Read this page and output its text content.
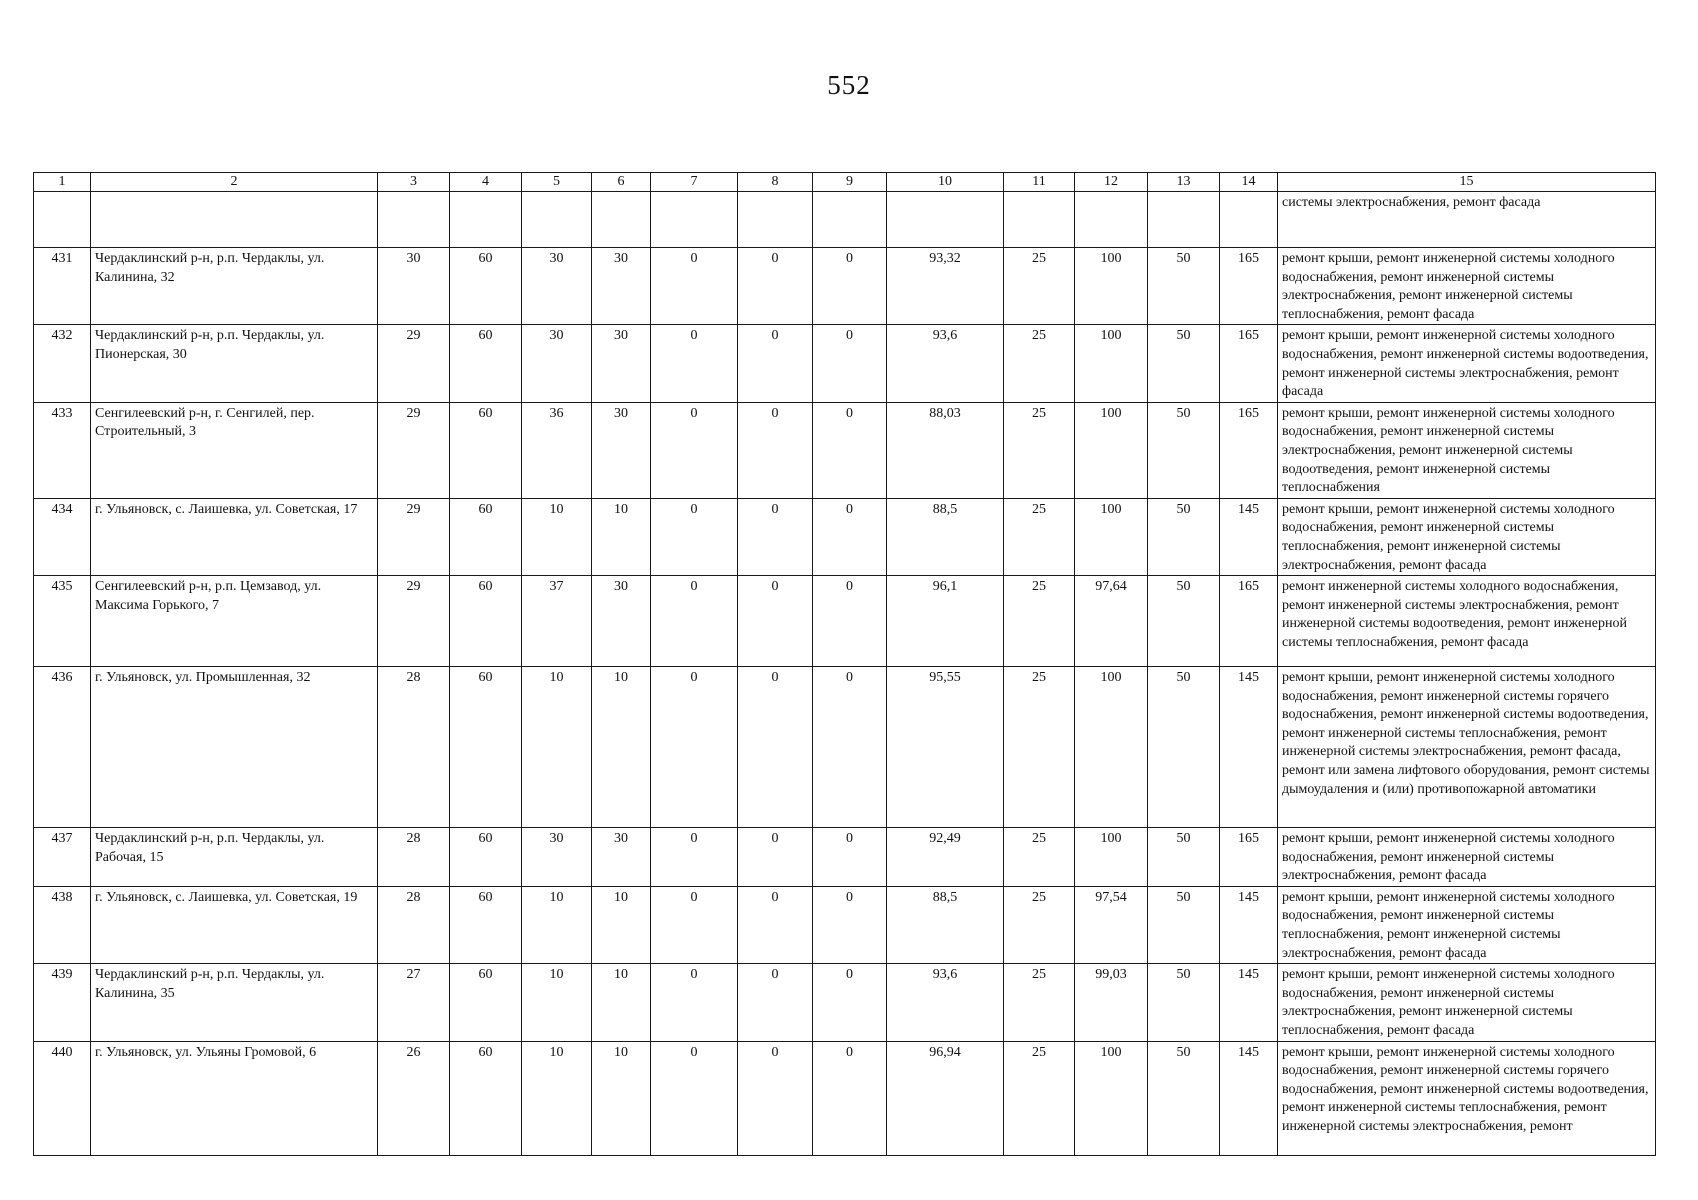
552
1	2	3	4	5	6	7	8	9	10	11	12	13	14	15
														системы электроснабжения, ремонт фасада
431	Чердаклинский р-н, р.п. Чердаклы, ул. Калинина, 32	30	60	30	30	0	0	0	93,32	25	100	50	165	ремонт крыши, ремонт инженерной системы холодного водоснабжения, ремонт инженерной системы электроснабжения, ремонт инженерной системы теплоснабжения, ремонт фасада
432	Чердаклинский р-н, р.п. Чердаклы, ул. Пионерская, 30	29	60	30	30	0	0	0	93,6	25	100	50	165	ремонт крыши, ремонт инженерной системы холодного водоснабжения, ремонт инженерной системы водоотведения, ремонт инженерной системы электроснабжения, ремонт фасада
433	Сенгилеевский р-н, г. Сенгилей, пер. Строительный, 3	29	60	36	30	0	0	0	88,03	25	100	50	165	ремонт крыши, ремонт инженерной системы холодного водоснабжения, ремонт инженерной системы электроснабжения, ремонт инженерной системы водоотведения, ремонт инженерной системы теплоснабжения
434	г. Ульяновск, с. Лаишевка, ул. Советская, 17	29	60	10	10	0	0	0	88,5	25	100	50	145	ремонт крыши, ремонт инженерной системы холодного водоснабжения, ремонт инженерной системы теплоснабжения, ремонт инженерной системы электроснабжения, ремонт фасада
435	Сенгилеевский р-н, р.п. Цемзавод, ул. Максима Горького, 7	29	60	37	30	0	0	0	96,1	25	97,64	50	165	ремонт инженерной системы холодного водоснабжения, ремонт инженерной системы электроснабжения, ремонт инженерной системы водоотведения, ремонт инженерной системы теплоснабжения, ремонт фасада
436	г. Ульяновск, ул. Промышленная, 32	28	60	10	10	0	0	0	95,55	25	100	50	145	ремонт крыши, ремонт инженерной системы холодного водоснабжения, ремонт инженерной системы горячего водоснабжения, ремонт инженерной системы водоотведения, ремонт инженерной системы теплоснабжения, ремонт инженерной системы электроснабжения, ремонт фасада, ремонт или замена лифтового оборудования, ремонт системы дымоудаления и (или) противопожарной автоматики
437	Чердаклинский р-н, р.п. Чердаклы, ул. Рабочая, 15	28	60	30	30	0	0	0	92,49	25	100	50	165	ремонт крыши, ремонт инженерной системы холодного водоснабжения, ремонт инженерной системы электроснабжения, ремонт фасада
438	г. Ульяновск, с. Лаишевка, ул. Советская, 19	28	60	10	10	0	0	0	88,5	25	97,54	50	145	ремонт крыши, ремонт инженерной системы холодного водоснабжения, ремонт инженерной системы теплоснабжения, ремонт инженерной системы электроснабжения, ремонт фасада
439	Чердаклинский р-н, р.п. Чердаклы, ул. Калинина, 35	27	60	10	10	0	0	0	93,6	25	99,03	50	145	ремонт крыши, ремонт инженерной системы холодного водоснабжения, ремонт инженерной системы электроснабжения, ремонт инженерной системы теплоснабжения, ремонт фасада
440	г. Ульяновск, ул. Ульяны Громовой, 6	26	60	10	10	0	0	0	96,94	25	100	50	145	ремонт крыши, ремонт инженерной системы холодного водоснабжения, ремонт инженерной системы горячего водоснабжения, ремонт инженерной системы водоотведения, ремонт инженерной системы теплоснабжения, ремонт инженерной системы электроснабжения, ремонт
